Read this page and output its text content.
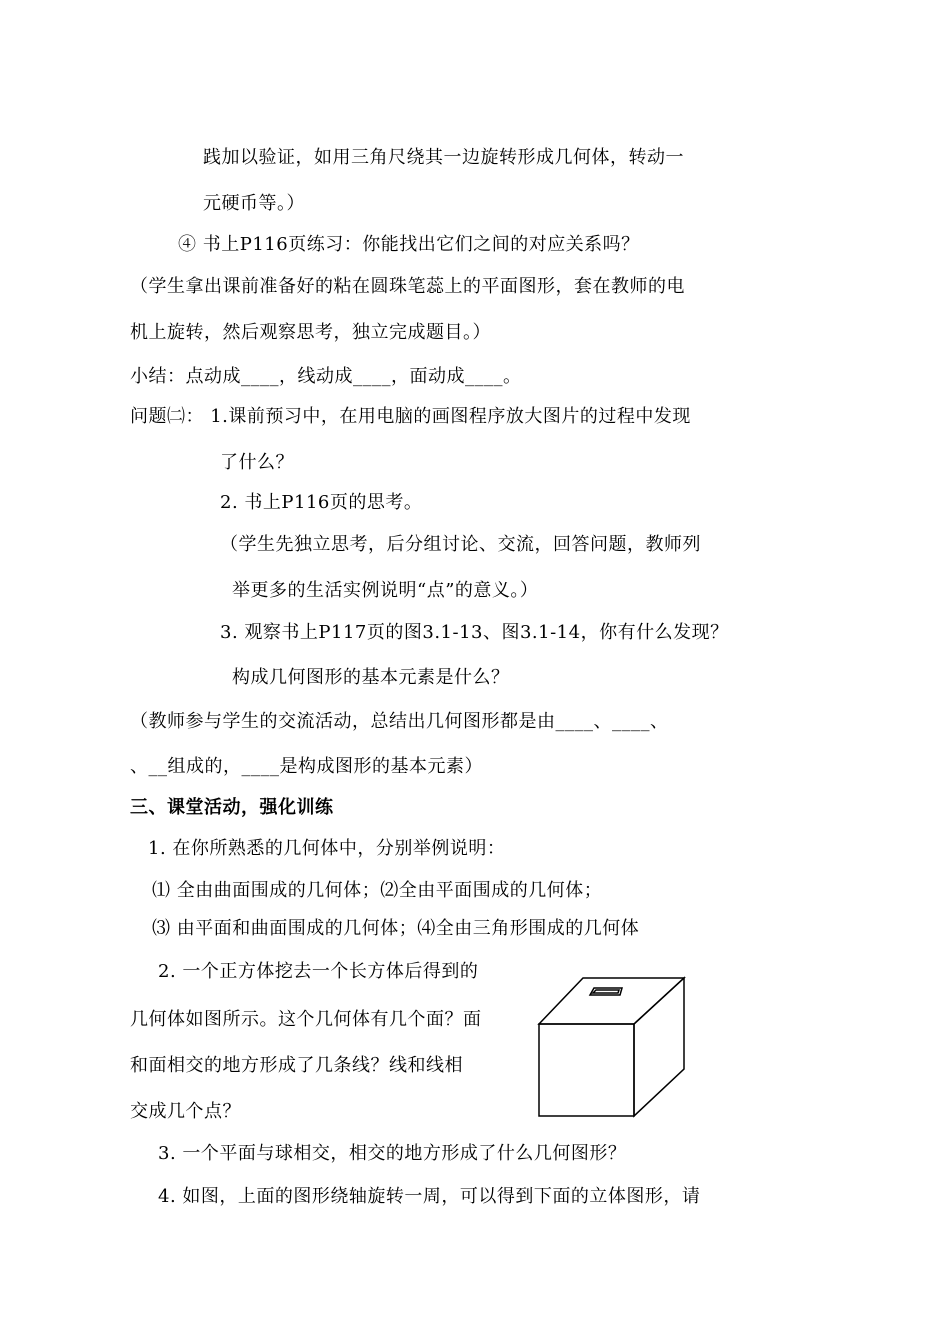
践加以验证，如用三角尺绕其一边旋转形成几何体，转动一
元硬币等。）
④ 书上P116页练习：你能找出它们之间的对应关系吗？
（学生拿出课前准备好的粘在圆珠笔蕊上的平面图形，套在教师的电
机上旋转，然后观察思考，独立完成题目。）
小结：点动成____，线动成____，面动成____。
问题㈡： 1.课前预习中，在用电脑的画图程序放大图片的过程中发现
了什么？
2. 书上P116页的思考。
（学生先独立思考，后分组讨论、交流，回答问题，教师列
举更多的生活实例说明“点”的意义。）
3. 观察书上P117页的图3.1-13、图3.1-14，你有什么发现？
构成几何图形的基本元素是什么？
（教师参与学生的交流活动，总结出几何图形都是由____、____、
、__组成的，____是构成图形的基本元素）
三、课堂活动，强化训练
1. 在你所熟悉的几何体中，分别举例说明：
⑴ 全由曲面围成的几何体；⑵全由平面围成的几何体；
⑶ 由平面和曲面围成的几何体；⑷全由三角形围成的几何体
2. 一个正方体挖去一个长方体后得到的
几何体如图所示。这个几何体有几个面？面
和面相交的地方形成了几条线？线和线相
交成几个点？
3. 一个平面与球相交，相交的地方形成了什么几何图形？
4. 如图，上面的图形绕轴旋转一周，可以得到下面的立体图形，请
